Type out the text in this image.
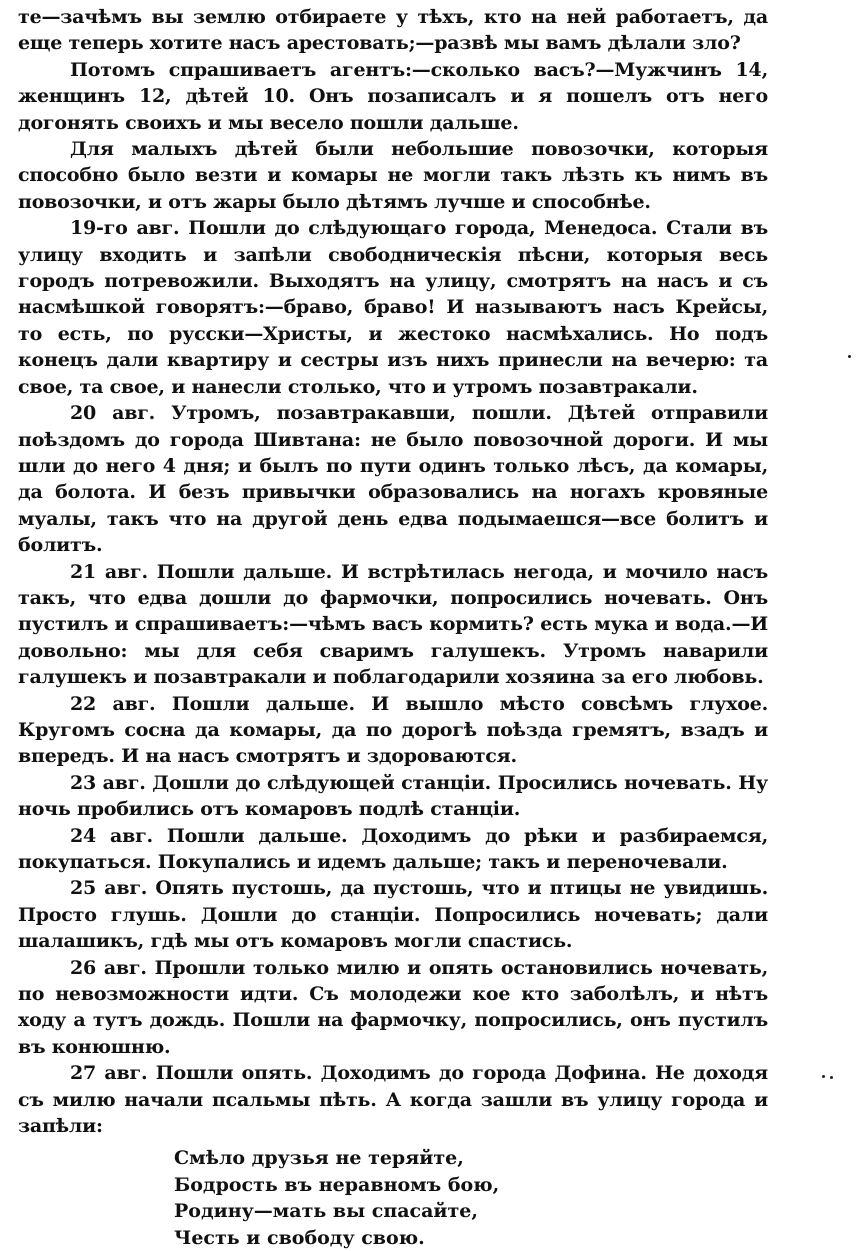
те—зачѣмъ вы землю отбираете у тѣхъ, кто на ней работаетъ, да еще теперь хотите насъ арестовать;—развѣ мы вамъ дѣлали зло?

Потомъ спрашиваетъ агентъ:—сколько васъ?—Мужчинъ 14, женщинъ 12, дѣтей 10. Онъ позаписалъ и я пошелъ отъ него догонять своихъ и мы весело пошли дальше.

Для малыхъ дѣтей были небольшие повозочки, которыя способно было везти и комары не могли такъ лѣзть къ нимъ въ повозочки, и отъ жары было дѣтямъ лучше и способнѣе.

19-го авг. Пошли до слѣдующаго города, Менедоса. Стали въ улицу входить и запѣли свободническія пѣсни, которыя весь городъ потревожили. Выходятъ на улицу, смотрятъ на насъ и съ насмѣшкой говорятъ:—браво, браво! И называютъ насъ Крейсы, то есть, по русски—Христы, и жестоко насмѣхались. Но подъ конецъ дали квартиру и сестры изъ нихъ принесли на вечерю: та свое, та свое, и нанесли столько, что и утромъ позавтракали.

20 авг. Утромъ, позавтракавши, пошли. Дѣтей отправили поѣздомъ до города Шивтана: не было повозочной дороги. И мы шли до него 4 дня; и былъ по пути одинъ только лѣсъ, да комары, да болота. И безъ привычки образовались на ногахъ кровяные муалы, такъ что на другой день едва подымаешся—все болитъ и болитъ.

21 авг. Пошли дальше. И встрѣтилась негода, и мочило насъ такъ, что едва дошли до фармочки, попросились ночевать. Онъ пустилъ и спрашиваетъ:—чѣмъ васъ кормить? есть мука и вода.—И довольно: мы для себя сваримъ галушекъ. Утромъ наварили галушекъ и позавтракали и поблагодарили хозяина за его любовь.

22 авг. Пошли дальше. И вышло мѣсто совсѣмъ глухое. Кругомъ сосна да комары, да по дорогѣ поѣзда гремятъ, взадъ и впередъ. И на насъ смотрятъ и здороваются.

23 авг. Дошли до слѣдующей станціи. Просились ночевать. Ну ночь пробились отъ комаровъ подлѣ станціи.

24 авг. Пошли дальше. Доходимъ до рѣки и разбираемся, покупаться. Покупались и идемъ дальше; такъ и переночевали.

25 авг. Опять пустошь, да пустошь, что и птицы не увидишь. Просто глушь. Дошли до станціи. Попросились ночевать; дали шалашикъ, гдѣ мы отъ комаровъ могли спастись.

26 авг. Прошли только милю и опять остановились ночевать, по невозможности идти. Съ молодежи кое кто заболѣлъ, и нѣтъ ходу а тутъ дождь. Пошли на фармочку, попросились, онъ пустилъ въ конюшню.

27 авг. Пошли опять. Доходимъ до города Дофина. Не доходя съ милю начали псальмы пѣть. А когда зашли въ улицу города и запѣли:

Смѣло друзья не теряйте,
Бодрость въ неравномъ бою,
Родину—мать вы спасайте,
Честь и свободу свою.
